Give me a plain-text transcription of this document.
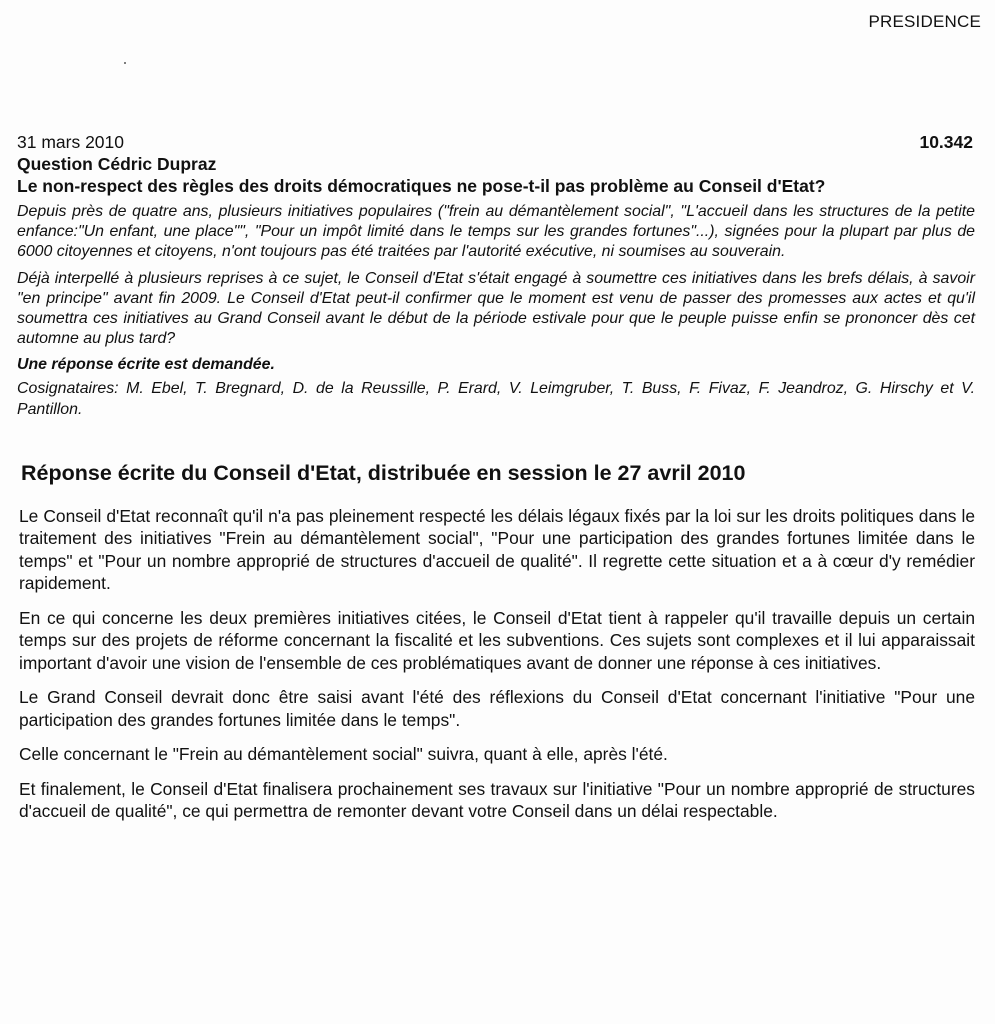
PRESIDENCE
31 mars 2010	10.342
Question Cédric Dupraz
Le non-respect des règles des droits démocratiques ne pose-t-il pas problème au Conseil d'Etat?

Depuis près de quatre ans, plusieurs initiatives populaires ("frein au démantèlement social", "L'accueil dans les structures de la petite enfance:"Un enfant, une place"", "Pour un impôt limité dans le temps sur les grandes fortunes"...), signées pour la plupart par plus de 6000 citoyennes et citoyens, n'ont toujours pas été traitées par l'autorité exécutive, ni soumises au souverain.

Déjà interpellé à plusieurs reprises à ce sujet, le Conseil d'Etat s'était engagé à soumettre ces initiatives dans les brefs délais, à savoir "en principe" avant fin 2009. Le Conseil d'Etat peut-il confirmer que le moment est venu de passer des promesses aux actes et qu'il soumettra ces initiatives au Grand Conseil avant le début de la période estivale pour que le peuple puisse enfin se prononcer dès cet automne au plus tard?

Une réponse écrite est demandée.

Cosignataires: M. Ebel, T. Bregnard, D. de la Reussille, P. Erard, V. Leimgruber, T. Buss, F. Fivaz, F. Jeandroz, G. Hirschy et V. Pantillon.

Réponse écrite du Conseil d'Etat, distribuée en session le 27 avril 2010

Le Conseil d'Etat reconnaît qu'il n'a pas pleinement respecté les délais légaux fixés par la loi sur les droits politiques dans le traitement des initiatives "Frein au démantèlement social", "Pour une participation des grandes fortunes limitée dans le temps" et "Pour un nombre approprié de structures d'accueil de qualité". Il regrette cette situation et a à cœur d'y remédier rapidement.

En ce qui concerne les deux premières initiatives citées, le Conseil d'Etat tient à rappeler qu'il travaille depuis un certain temps sur des projets de réforme concernant la fiscalité et les subventions. Ces sujets sont complexes et il lui apparaissait important d'avoir une vision de l'ensemble de ces problématiques avant de donner une réponse à ces initiatives.

Le Grand Conseil devrait donc être saisi avant l'été des réflexions du Conseil d'Etat concernant l'initiative "Pour une participation des grandes fortunes limitée dans le temps".

Celle concernant le "Frein au démantèlement social" suivra, quant à elle, après l'été.

Et finalement, le Conseil d'Etat finalisera prochainement ses travaux sur l'initiative "Pour un nombre approprié de structures d'accueil de qualité", ce qui permettra de remonter devant votre Conseil dans un délai respectable.
